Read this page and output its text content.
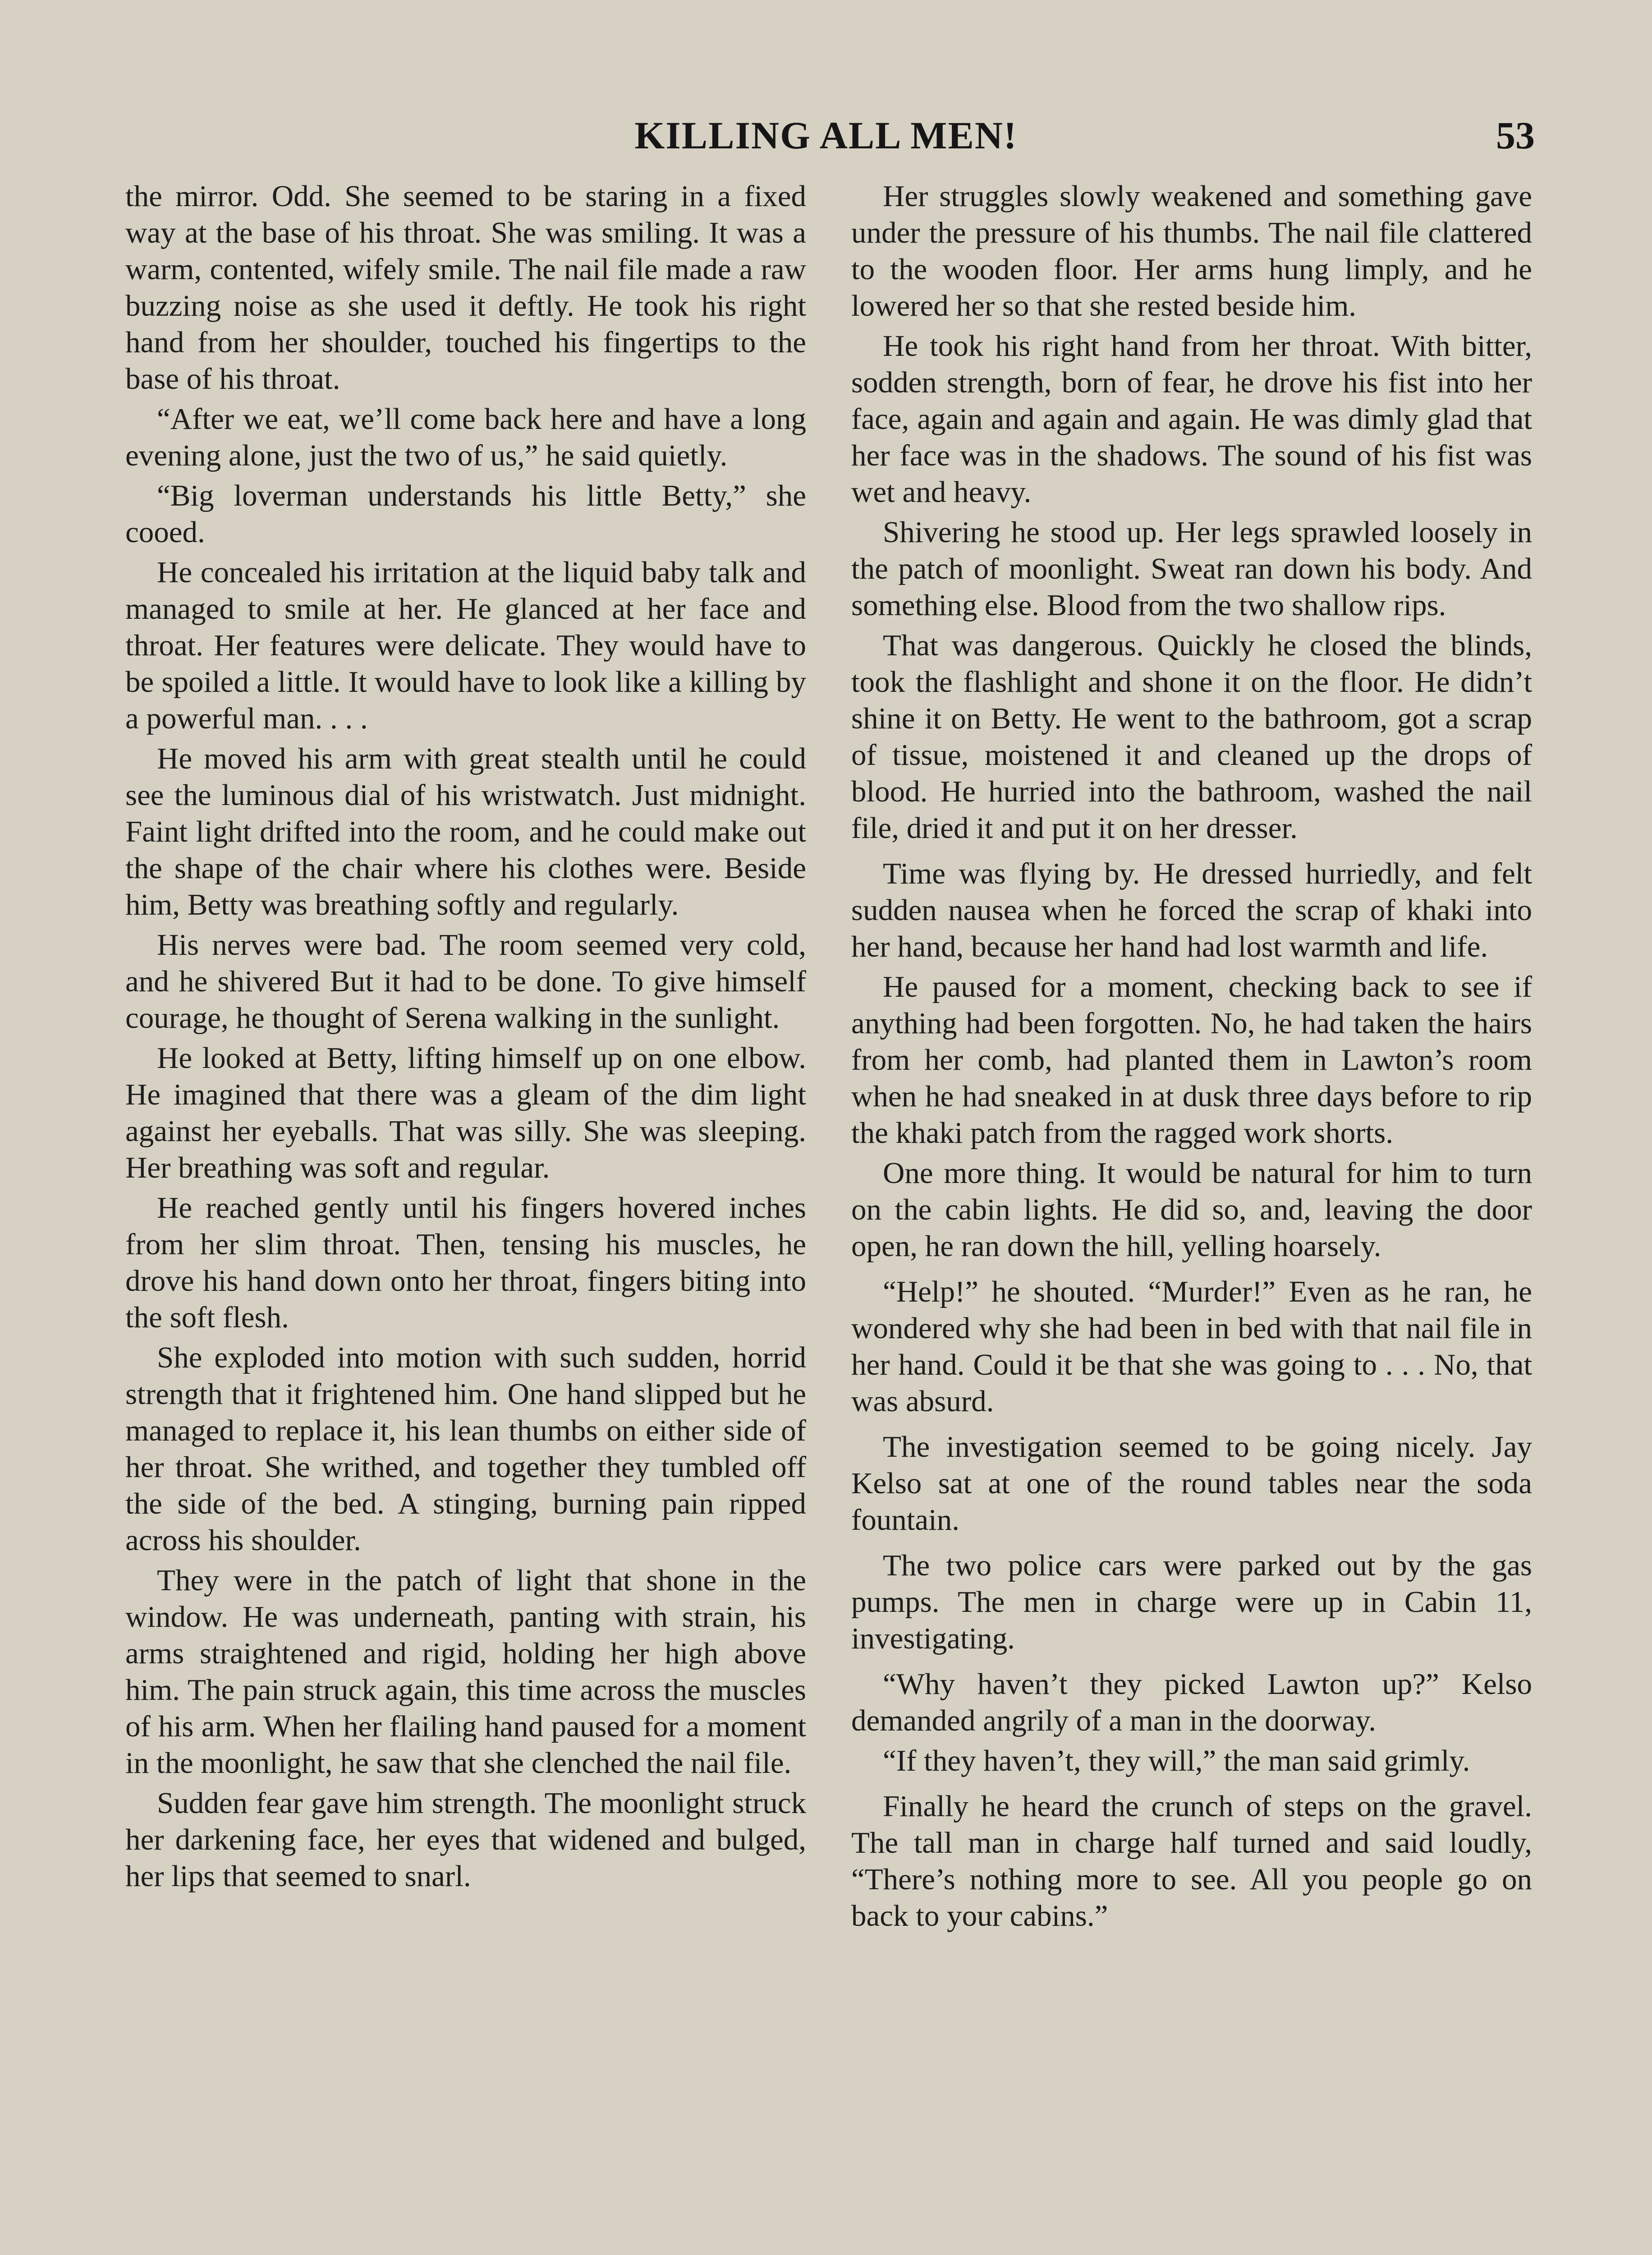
KILLING ALL MEN!	53

the mirror. Odd. She seemed to be staring in a fixed way at the base of his throat. She was smiling. It was a warm, contented, wifely smile. The nail file made a raw buzzing noise as she used it deftly. He took his right hand from her shoulder, touched his fingertips to the base of his throat.

“After we eat, we’ll come back here and have a long evening alone, just the two of us,” he said quietly.

“Big loverman understands his little Betty,” she cooed.

He concealed his irritation at the liquid baby talk and managed to smile at her. He glanced at her face and throat. Her features were delicate. They would have to be spoiled a little. It would have to look like a killing by a powerful man. . . .

He moved his arm with great stealth until he could see the luminous dial of his wristwatch. Just midnight. Faint light drifted into the room, and he could make out the shape of the chair where his clothes were. Beside him, Betty was breathing softly and regularly.

His nerves were bad. The room seemed very cold, and he shivered But it had to be done. To give himself courage, he thought of Serena walking in the sunlight.

He looked at Betty, lifting himself up on one elbow. He imagined that there was a gleam of the dim light against her eyeballs. That was silly. She was sleeping. Her breathing was soft and regular.

He reached gently until his fingers hovered inches from her slim throat. Then, tensing his muscles, he drove his hand down onto her throat, fingers biting into the soft flesh.

She exploded into motion with such sudden, horrid strength that it frightened him. One hand slipped but he managed to replace it, his lean thumbs on either side of her throat. She writhed, and together they tumbled off the side of the bed. A stinging, burning pain ripped across his shoulder.

They were in the patch of light that shone in the window. He was underneath, panting with strain, his arms straightened and rigid, holding her high above him. The pain struck again, this time across the muscles of his arm. When her flailing hand paused for a moment in the moonlight, he saw that she clenched the nail file.

Sudden fear gave him strength. The moonlight struck her darkening face, her eyes that widened and bulged, her lips that seemed to snarl.

Her struggles slowly weakened and something gave under the pressure of his thumbs. The nail file clattered to the wooden floor. Her arms hung limply, and he lowered her so that she rested beside him.

He took his right hand from her throat. With bitter, sodden strength, born of fear, he drove his fist into her face, again and again and again. He was dimly glad that her face was in the shadows. The sound of his fist was wet and heavy.

Shivering he stood up. Her legs sprawled loosely in the patch of moonlight. Sweat ran down his body. And something else. Blood from the two shallow rips.

That was dangerous. Quickly he closed the blinds, took the flashlight and shone it on the floor. He didn’t shine it on Betty. He went to the bathroom, got a scrap of tissue, moistened it and cleaned up the drops of blood. He hurried into the bathroom, washed the nail file, dried it and put it on her dresser.

Time was flying by. He dressed hurriedly, and felt sudden nausea when he forced the scrap of khaki into her hand, because her hand had lost warmth and life.

He paused for a moment, checking back to see if anything had been forgotten. No, he had taken the hairs from her comb, had planted them in Lawton’s room when he had sneaked in at dusk three days before to rip the khaki patch from the ragged work shorts.

One more thing. It would be natural for him to turn on the cabin lights. He did so, and, leaving the door open, he ran down the hill, yelling hoarsely.

“Help!” he shouted. “Murder!” Even as he ran, he wondered why she had been in bed with that nail file in her hand. Could it be that she was going to . . . No, that was absurd.

The investigation seemed to be going nicely. Jay Kelso sat at one of the round tables near the soda fountain.

The two police cars were parked out by the gas pumps. The men in charge were up in Cabin 11, investigating.

“Why haven’t they picked Lawton up?” Kelso demanded angrily of a man in the doorway.

“If they haven’t, they will,” the man said grimly.

Finally he heard the crunch of steps on the gravel. The tall man in charge half turned and said loudly, “There’s nothing more to see. All you people go on back to your cabins.”
